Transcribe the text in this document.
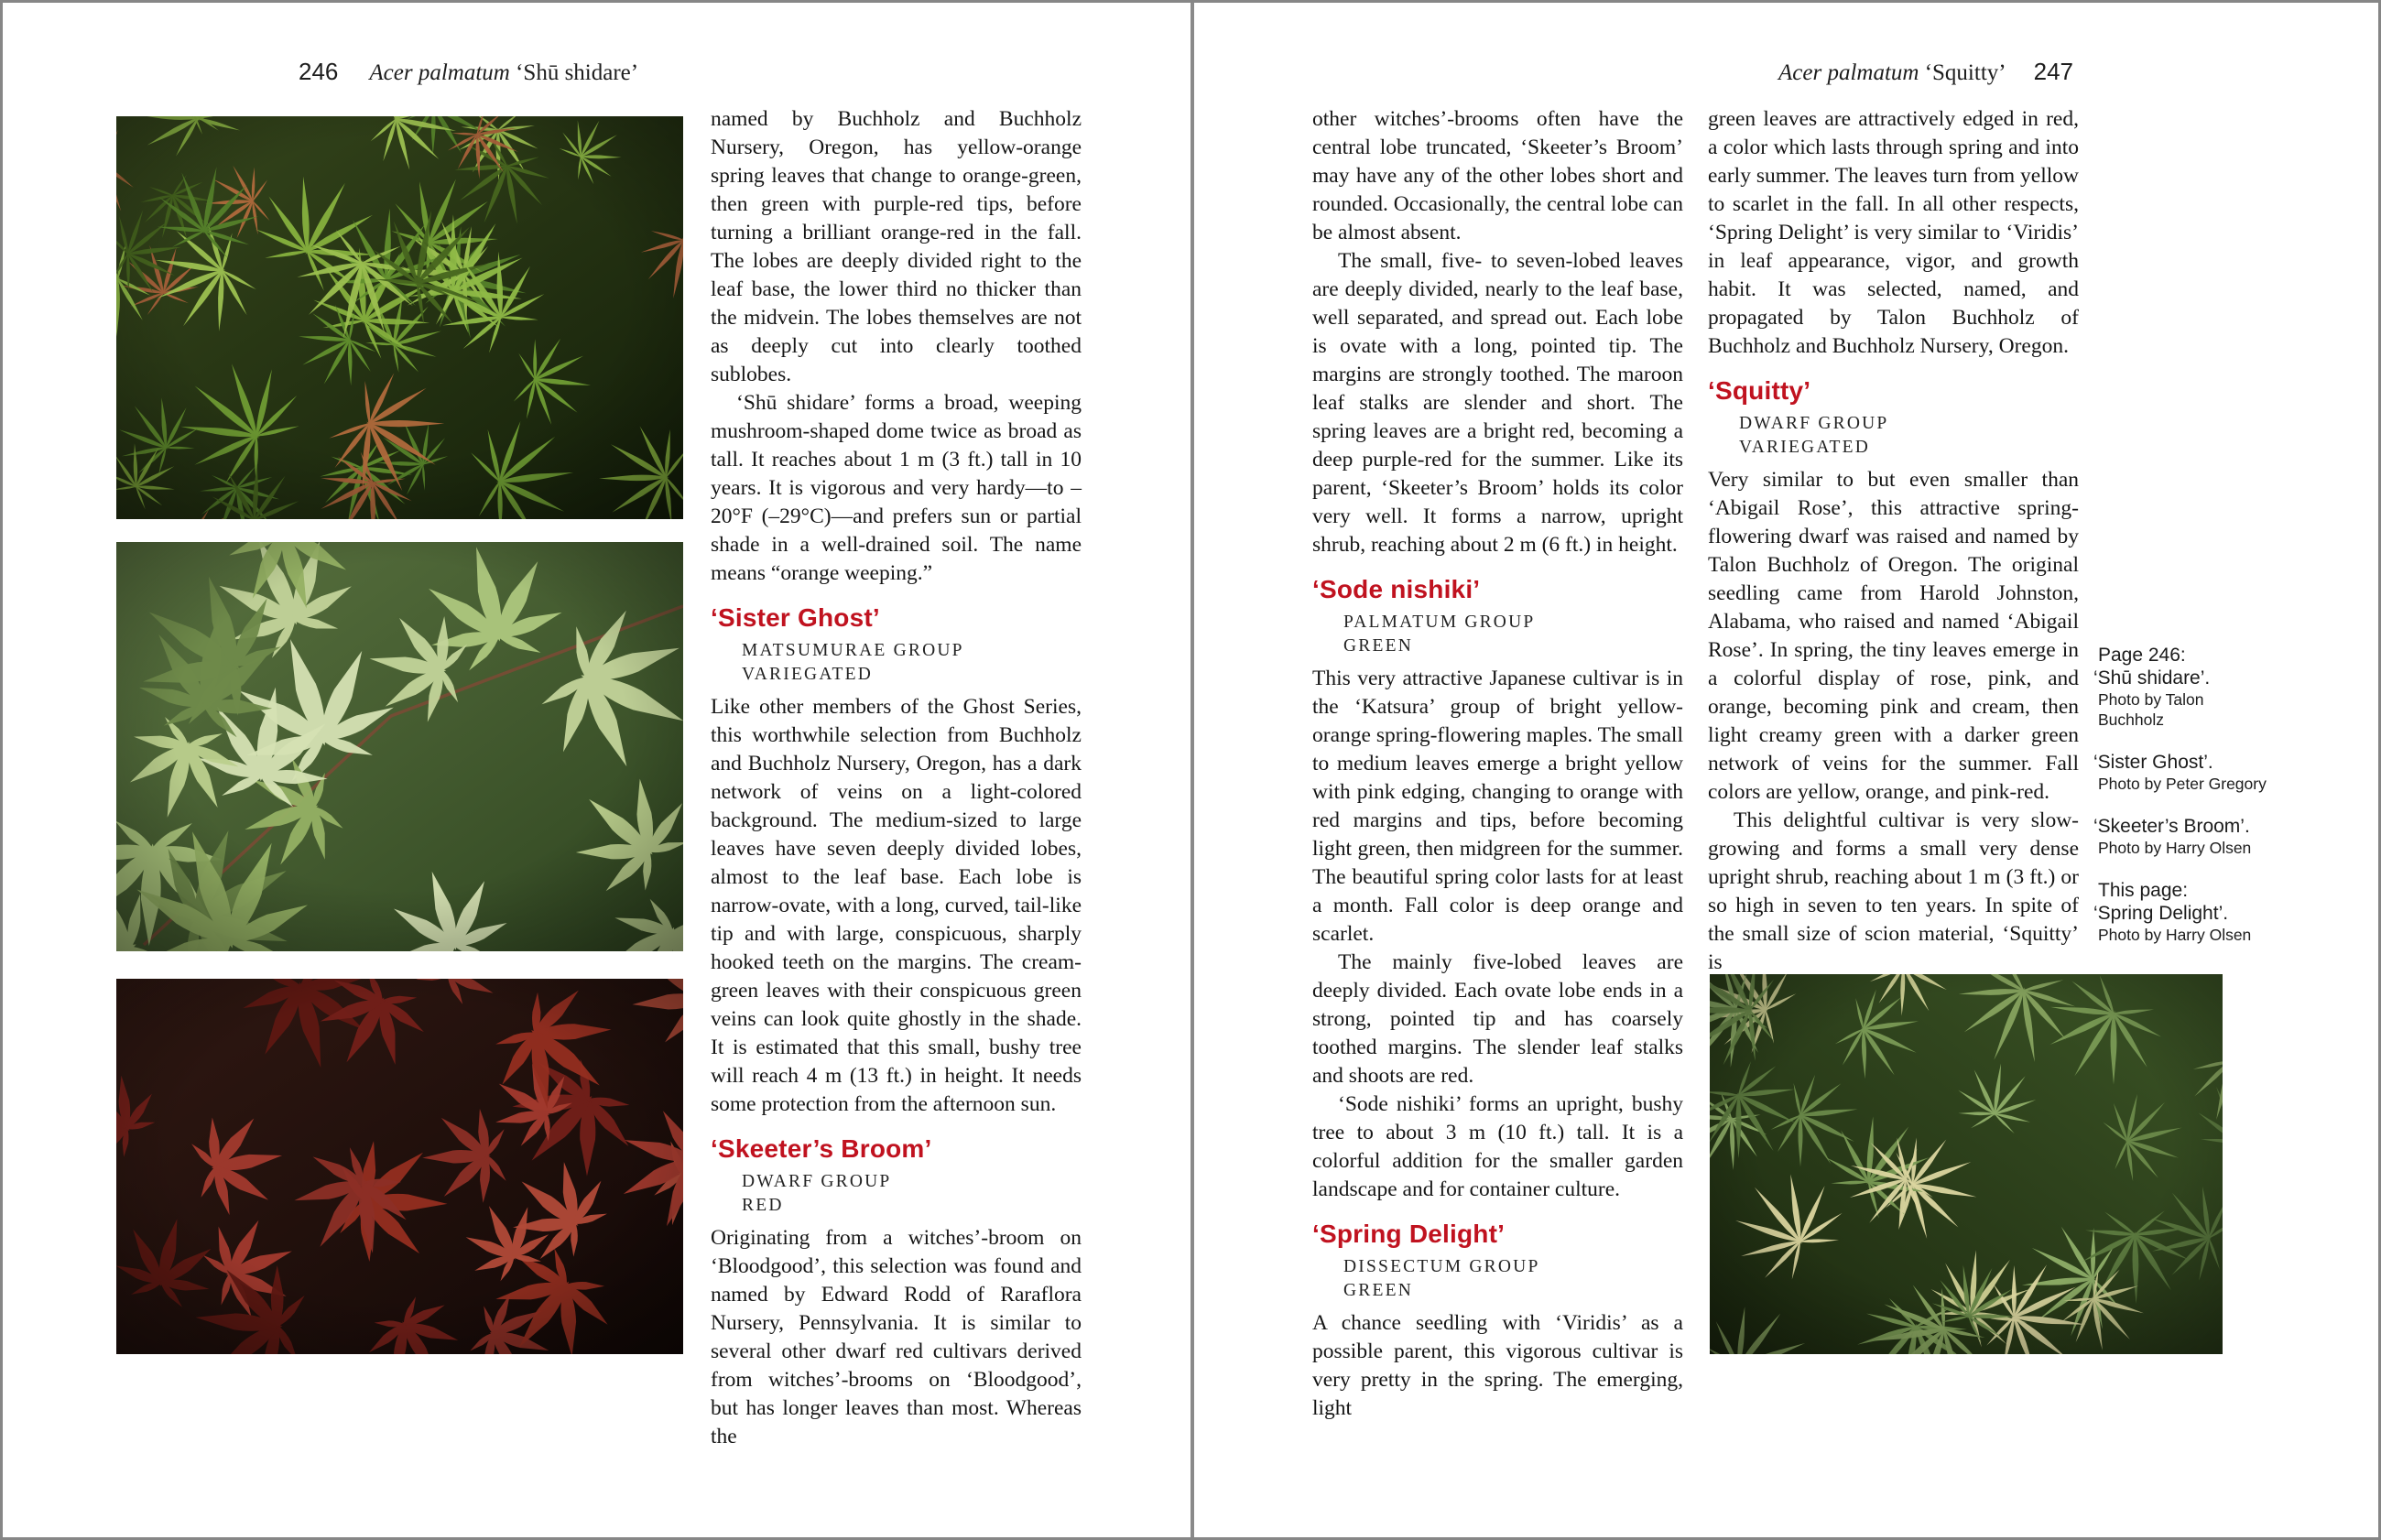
246 Acer palmatum ‘Shū shidare’	Acer palmatum ‘Squitty’ 247

named by Buchholz and Buchholz Nursery, Oregon, has yellow-orange spring leaves that change to orange-green, then green with purple-red tips, before turning a brilliant orange-red in the fall. The lobes are deeply divided right to the leaf base, the lower third no thicker than the midvein. The lobes themselves are not as deeply cut into clearly toothed sublobes.

‘Shū shidare’ forms a broad, weeping mushroom-shaped dome twice as broad as tall. It reaches about 1 m (3 ft.) tall in 10 years. It is vigorous and very hardy—to –20°F (–29°C)—and prefers sun or partial shade in a well-drained soil. The name means “orange weeping.”

‘Sister Ghost’
MATSUMURAE GROUP
VARIEGATED

Like other members of the Ghost Series, this worthwhile selection from Buchholz and Buchholz Nursery, Oregon, has a dark network of veins on a light-colored background. The medium-sized to large leaves have seven deeply divided lobes, almost to the leaf base. Each lobe is narrow-ovate, with a long, curved, tail-like tip and with large, conspicuous, sharply hooked teeth on the margins. The cream-green leaves with their conspicuous green veins can look quite ghostly in the shade. It is estimated that this small, bushy tree will reach 4 m (13 ft.) in height. It needs some protection from the afternoon sun.

‘Skeeter’s Broom’
DWARF GROUP
RED

Originating from a witches’-broom on ‘Bloodgood’, this selection was found and named by Edward Rodd of Raraflora Nursery, Pennsylvania. It is similar to several other dwarf red cultivars derived from witches’-brooms on ‘Bloodgood’, but has longer leaves than most. Whereas the

other witches’-brooms often have the central lobe truncated, ‘Skeeter’s Broom’ may have any of the other lobes short and rounded. Occasionally, the central lobe can be almost absent.

The small, five- to seven-lobed leaves are deeply divided, nearly to the leaf base, well separated, and spread out. Each lobe is ovate with a long, pointed tip. The margins are strongly toothed. The maroon leaf stalks are slender and short. The spring leaves are a bright red, becoming a deep purple-red for the summer. Like its parent, ‘Skeeter’s Broom’ holds its color very well. It forms a narrow, upright shrub, reaching about 2 m (6 ft.) in height.

‘Sode nishiki’
PALMATUM GROUP
GREEN

This very attractive Japanese cultivar is in the ‘Katsura’ group of bright yellow-orange spring-flowering maples. The small to medium leaves emerge a bright yellow with pink edging, changing to orange with red margins and tips, before becoming light green, then midgreen for the summer. The beautiful spring color lasts for at least a month. Fall color is deep orange and scarlet.

The mainly five-lobed leaves are deeply divided. Each ovate lobe ends in a strong, pointed tip and has coarsely toothed margins. The slender leaf stalks and shoots are red.

‘Sode nishiki’ forms an upright, bushy tree to about 3 m (10 ft.) tall. It is a colorful addition for the smaller garden landscape and for container culture.

‘Spring Delight’
DISSECTUM GROUP
GREEN

A chance seedling with ‘Viridis’ as a possible parent, this vigorous cultivar is very pretty in the spring. The emerging, light

green leaves are attractively edged in red, a color which lasts through spring and into early summer. The leaves turn from yellow to scarlet in the fall. In all other respects, ‘Spring Delight’ is very similar to ‘Viridis’ in leaf appearance, vigor, and growth habit. It was selected, named, and propagated by Talon Buchholz of Buchholz and Buchholz Nursery, Oregon.

‘Squitty’
DWARF GROUP
VARIEGATED

Very similar to but even smaller than ‘Abigail Rose’, this attractive spring-flowering dwarf was raised and named by Talon Buchholz of Oregon. The original seedling came from Harold Johnston, Alabama, who raised and named ‘Abigail Rose’. In spring, the tiny leaves emerge in a colorful display of rose, pink, and orange, becoming pink and cream, then light creamy green with a darker green network of veins for the summer. Fall colors are yellow, orange, and pink-red.

This delightful cultivar is very slow-growing and forms a small very dense upright shrub, reaching about 1 m (3 ft.) or so high in seven to ten years. In spite of the small size of scion material, ‘Squitty’ is

Page 246:
‘Shū shidare’.
Photo by Talon Buchholz
‘Sister Ghost’.
Photo by Peter Gregory
‘Skeeter’s Broom’.
Photo by Harry Olsen
This page:
‘Spring Delight’.
Photo by Harry Olsen
